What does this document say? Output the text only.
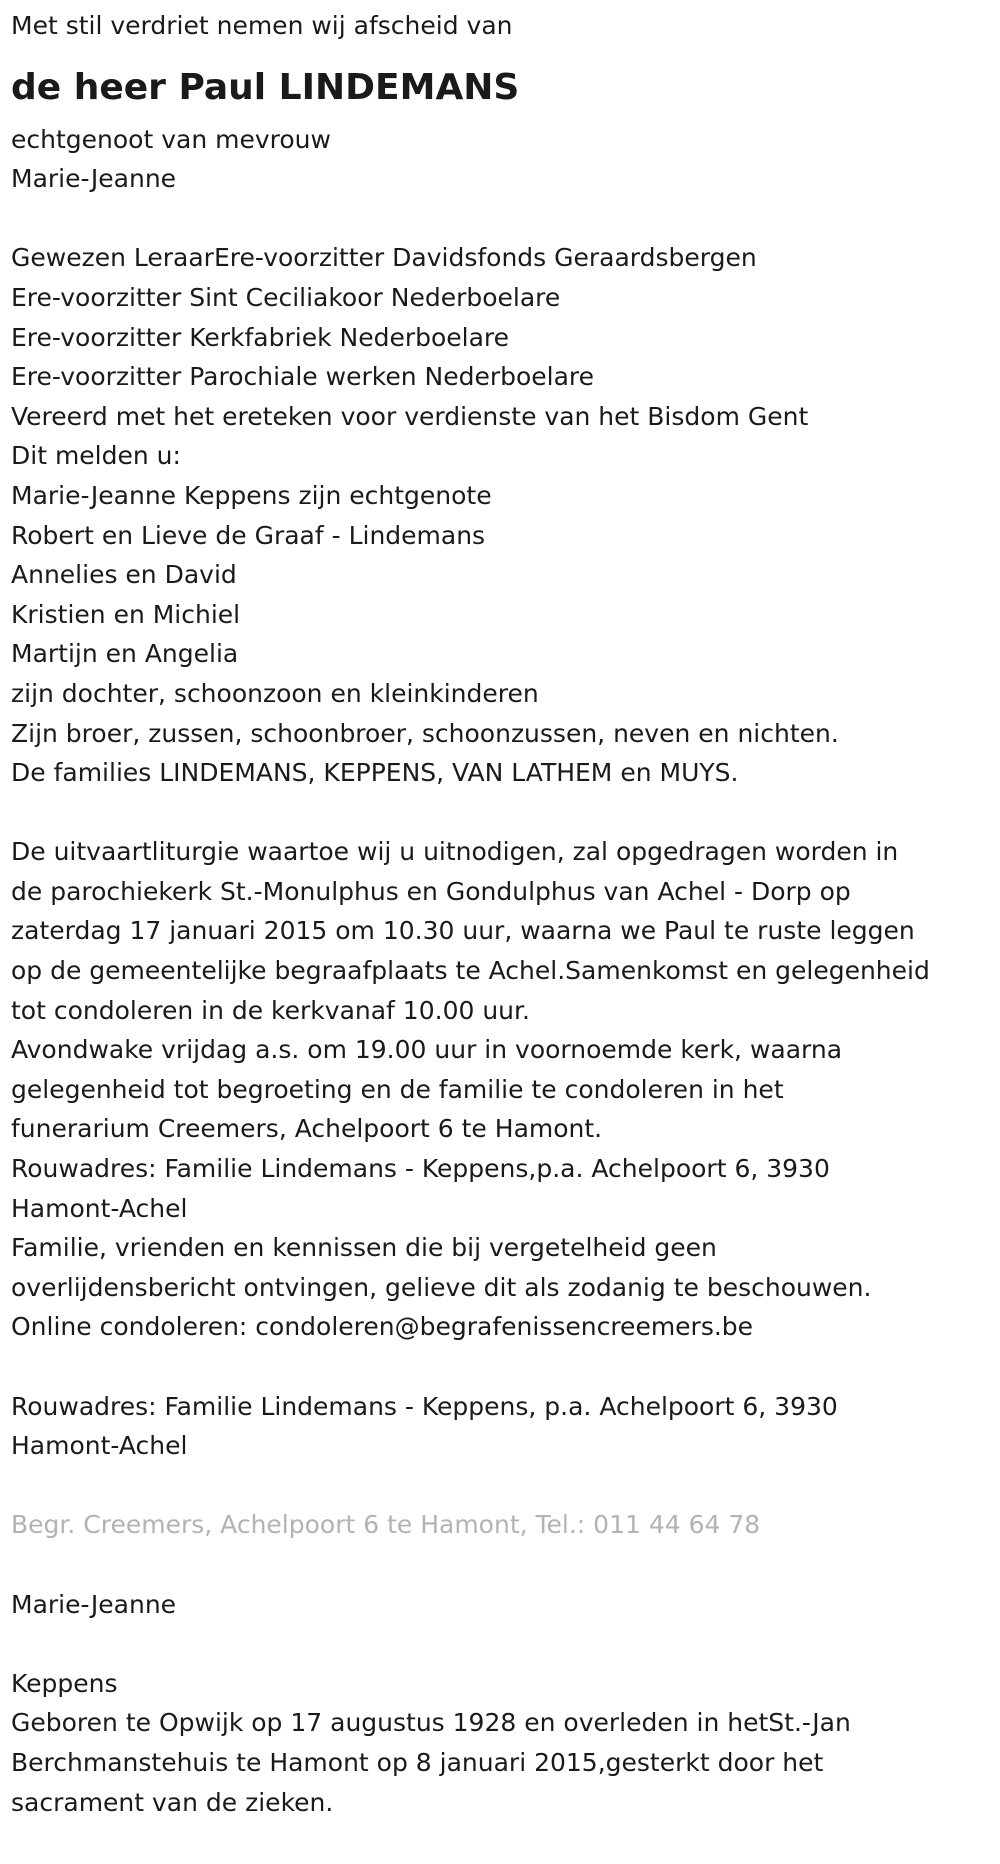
Met stil verdriet nemen wij afscheid van
de heer Paul LINDEMANS
echtgenoot van mevrouw
Marie-Jeanne
Gewezen LeraarEre-voorzitter Davidsfonds Geraardsbergen
Ere-voorzitter Sint Ceciliakoor Nederboelare
Ere-voorzitter Kerkfabriek Nederboelare
Ere-voorzitter Parochiale werken Nederboelare
Vereerd met het ereteken voor verdienste van het Bisdom Gent
Dit melden u:
Marie-Jeanne Keppens zijn echtgenote
Robert en Lieve de Graaf - Lindemans
Annelies en David
Kristien en Michiel
Martijn en Angelia
zijn dochter, schoonzoon en kleinkinderen
Zijn broer, zussen, schoonbroer, schoonzussen, neven en nichten.
De families LINDEMANS, KEPPENS, VAN LATHEM en MUYS.
De uitvaartliturgie waartoe wij u uitnodigen, zal opgedragen worden in
de parochiekerk St.-Monulphus en Gondulphus van Achel - Dorp op
zaterdag 17 januari 2015 om 10.30 uur, waarna we Paul te ruste leggen
op de gemeentelijke begraafplaats te Achel.Samenkomst en gelegenheid
tot condoleren in de kerkvanaf 10.00 uur.
Avondwake vrijdag a.s. om 19.00 uur in voornoemde kerk, waarna
gelegenheid tot begroeting en de familie te condoleren in het
funerarium Creemers, Achelpoort 6 te Hamont.
Rouwadres: Familie Lindemans - Keppens,p.a. Achelpoort 6, 3930
Hamont-Achel
Familie, vrienden en kennissen die bij vergetelheid geen
overlijdensbericht ontvingen, gelieve dit als zodanig te beschouwen.
Online condoleren: condoleren@begrafenissencreemers.be
Rouwadres: Familie Lindemans - Keppens, p.a. Achelpoort 6, 3930
Hamont-Achel
Begr. Creemers, Achelpoort 6 te Hamont, Tel.: 011 44 64 78
Marie-Jeanne
Keppens
Geboren te Opwijk op 17 augustus 1928 en overleden in hetSt.-Jan
Berchmanstehuis te Hamont op 8 januari 2015,gesterkt door het
sacrament van de zieken.
